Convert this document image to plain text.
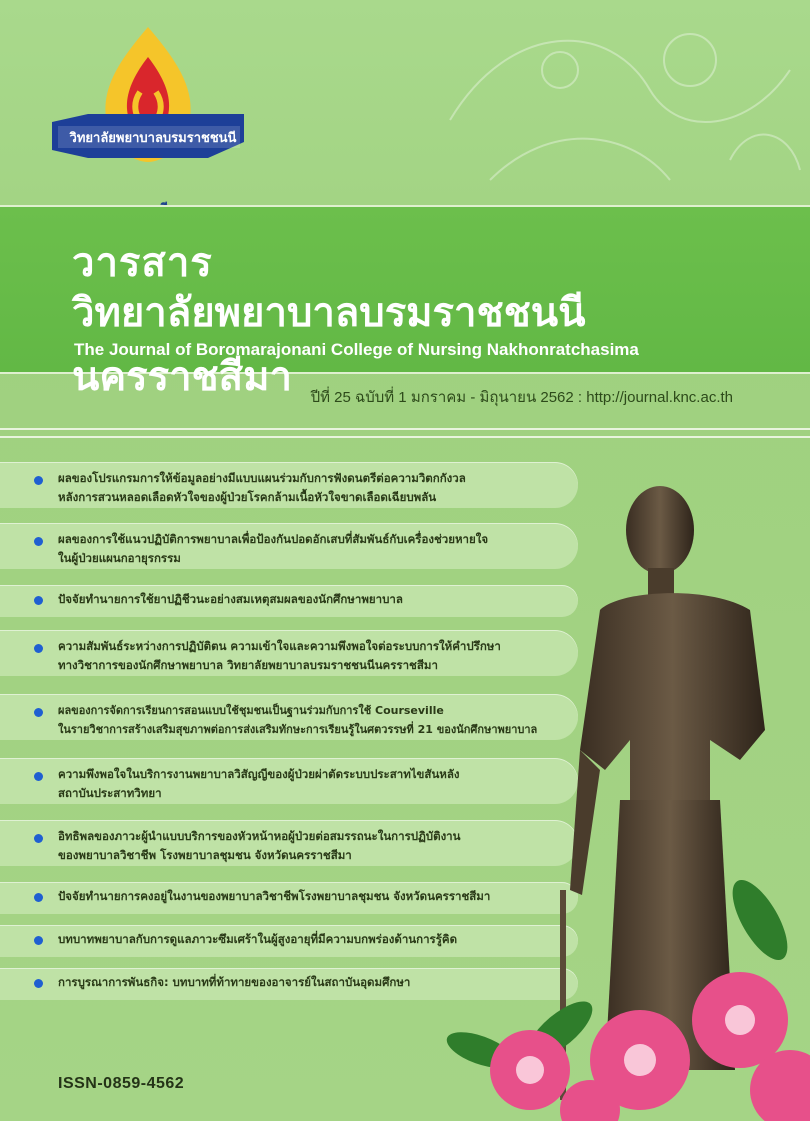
วิทยาลัยพยาบาลบรมราชชนนี
วารสาร
วิทยาลัยพยาบาลบรมราชชนนี นครราชสีมา
The Journal of Boromarajonani College of Nursing Nakhonratchasima
ปีที่ 25 ฉบับที่ 1 มกราคม - มิถุนายน 2562 : http://journal.knc.ac.th
ผลของโปรแกรมการให้ข้อมูลอย่างมีแบบแผนร่วมกับการฟังดนตรีต่อความวิตกกังวล
หลังการสวนหลอดเลือดหัวใจของผู้ป่วยโรคกล้ามเนื้อหัวใจขาดเลือดเฉียบพลัน
ผลของการใช้แนวปฏิบัติการพยาบาลเพื่อป้องกันปอดอักเสบที่สัมพันธ์กับเครื่องช่วยหายใจ
ในผู้ป่วยแผนกอายุรกรรม
ปัจจัยทำนายการใช้ยาปฏิชีวนะอย่างสมเหตุสมผลของนักศึกษาพยาบาล
ความสัมพันธ์ระหว่างการปฏิบัติตน ความเข้าใจและความพึงพอใจต่อระบบการให้คำปรึกษา
ทางวิชาการของนักศึกษาพยาบาล วิทยาลัยพยาบาลบรมราชชนนีนครราชสีมา
ผลของการจัดการเรียนการสอนแบบใช้ชุมชนเป็นฐานร่วมกับการใช้ Courseville
ในรายวิชาการสร้างเสริมสุขภาพต่อการส่งเสริมทักษะการเรียนรู้ในศตวรรษที่ 21 ของนักศึกษาพยาบาล
ความพึงพอใจในบริการงานพยาบาลวิสัญญีของผู้ป่วยผ่าตัดระบบประสาทไขสันหลัง
สถาบันประสาทวิทยา
อิทธิพลของภาวะผู้นำแบบบริการของหัวหน้าหอผู้ป่วยต่อสมรรถนะในการปฏิบัติงาน
ของพยาบาลวิชาชีพ โรงพยาบาลชุมชน จังหวัดนครราชสีมา
ปัจจัยทำนายการคงอยู่ในงานของพยาบาลวิชาชีพโรงพยาบาลชุมชน จังหวัดนครราชสีมา
บทบาทพยาบาลกับการดูแลภาวะซึมเศร้าในผู้สูงอายุที่มีความบกพร่องด้านการรู้คิด
การบูรณาการพันธกิจ: บทบาทที่ท้าทายของอาจารย์ในสถาบันอุดมศึกษา
ISSN-0859-4562
